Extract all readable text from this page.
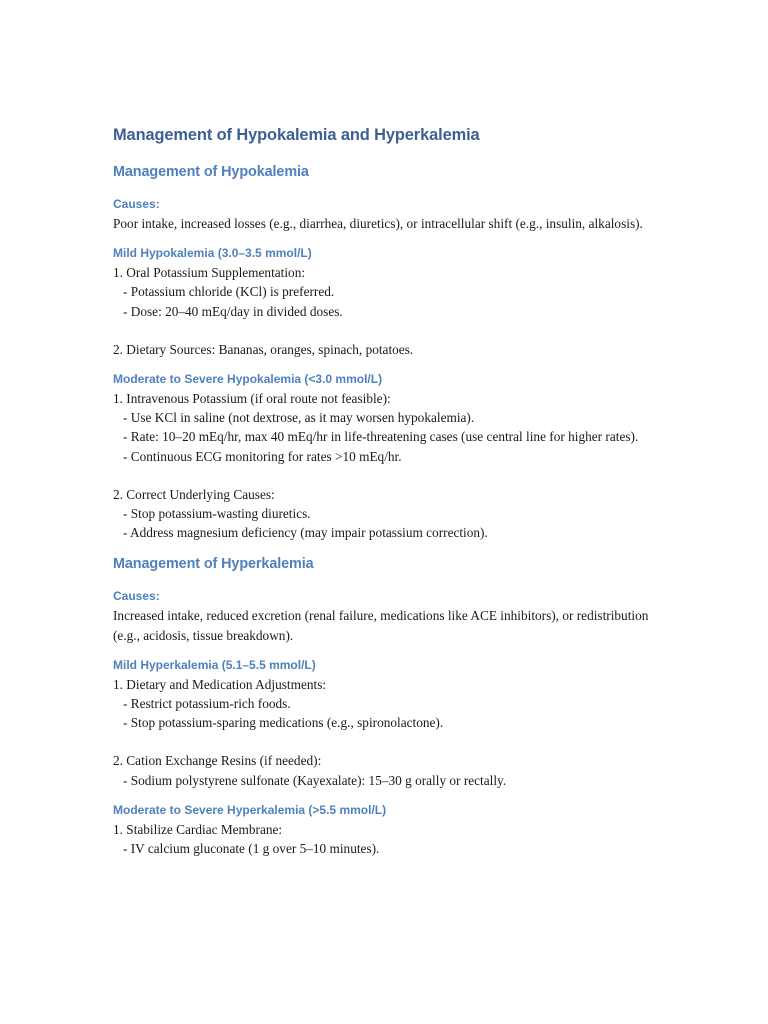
Management of Hypokalemia and Hyperkalemia
Management of Hypokalemia
Causes:

Poor intake, increased losses (e.g., diarrhea, diuretics), or intracellular shift (e.g., insulin, alkalosis).

Mild Hypokalemia (3.0–3.5 mmol/L)

1. Oral Potassium Supplementation:

- Potassium chloride (KCl) is preferred.

- Dose: 20–40 mEq/day in divided doses.

2. Dietary Sources: Bananas, oranges, spinach, potatoes.

Moderate to Severe Hypokalemia (<3.0 mmol/L)

1. Intravenous Potassium (if oral route not feasible):

- Use KCl in saline (not dextrose, as it may worsen hypokalemia).

- Rate: 10–20 mEq/hr, max 40 mEq/hr in life-threatening cases (use central line for higher rates).

- Continuous ECG monitoring for rates >10 mEq/hr.

2. Correct Underlying Causes:

- Stop potassium-wasting diuretics.

- Address magnesium deficiency (may impair potassium correction).

Management of Hyperkalemia
Causes:

Increased intake, reduced excretion (renal failure, medications like ACE inhibitors), or redistribution (e.g., acidosis, tissue breakdown).

Mild Hyperkalemia (5.1–5.5 mmol/L)

1. Dietary and Medication Adjustments:

- Restrict potassium-rich foods.

- Stop potassium-sparing medications (e.g., spironolactone).

2. Cation Exchange Resins (if needed):

- Sodium polystyrene sulfonate (Kayexalate): 15–30 g orally or rectally.

Moderate to Severe Hyperkalemia (>5.5 mmol/L)

1. Stabilize Cardiac Membrane:

- IV calcium gluconate (1 g over 5–10 minutes).
